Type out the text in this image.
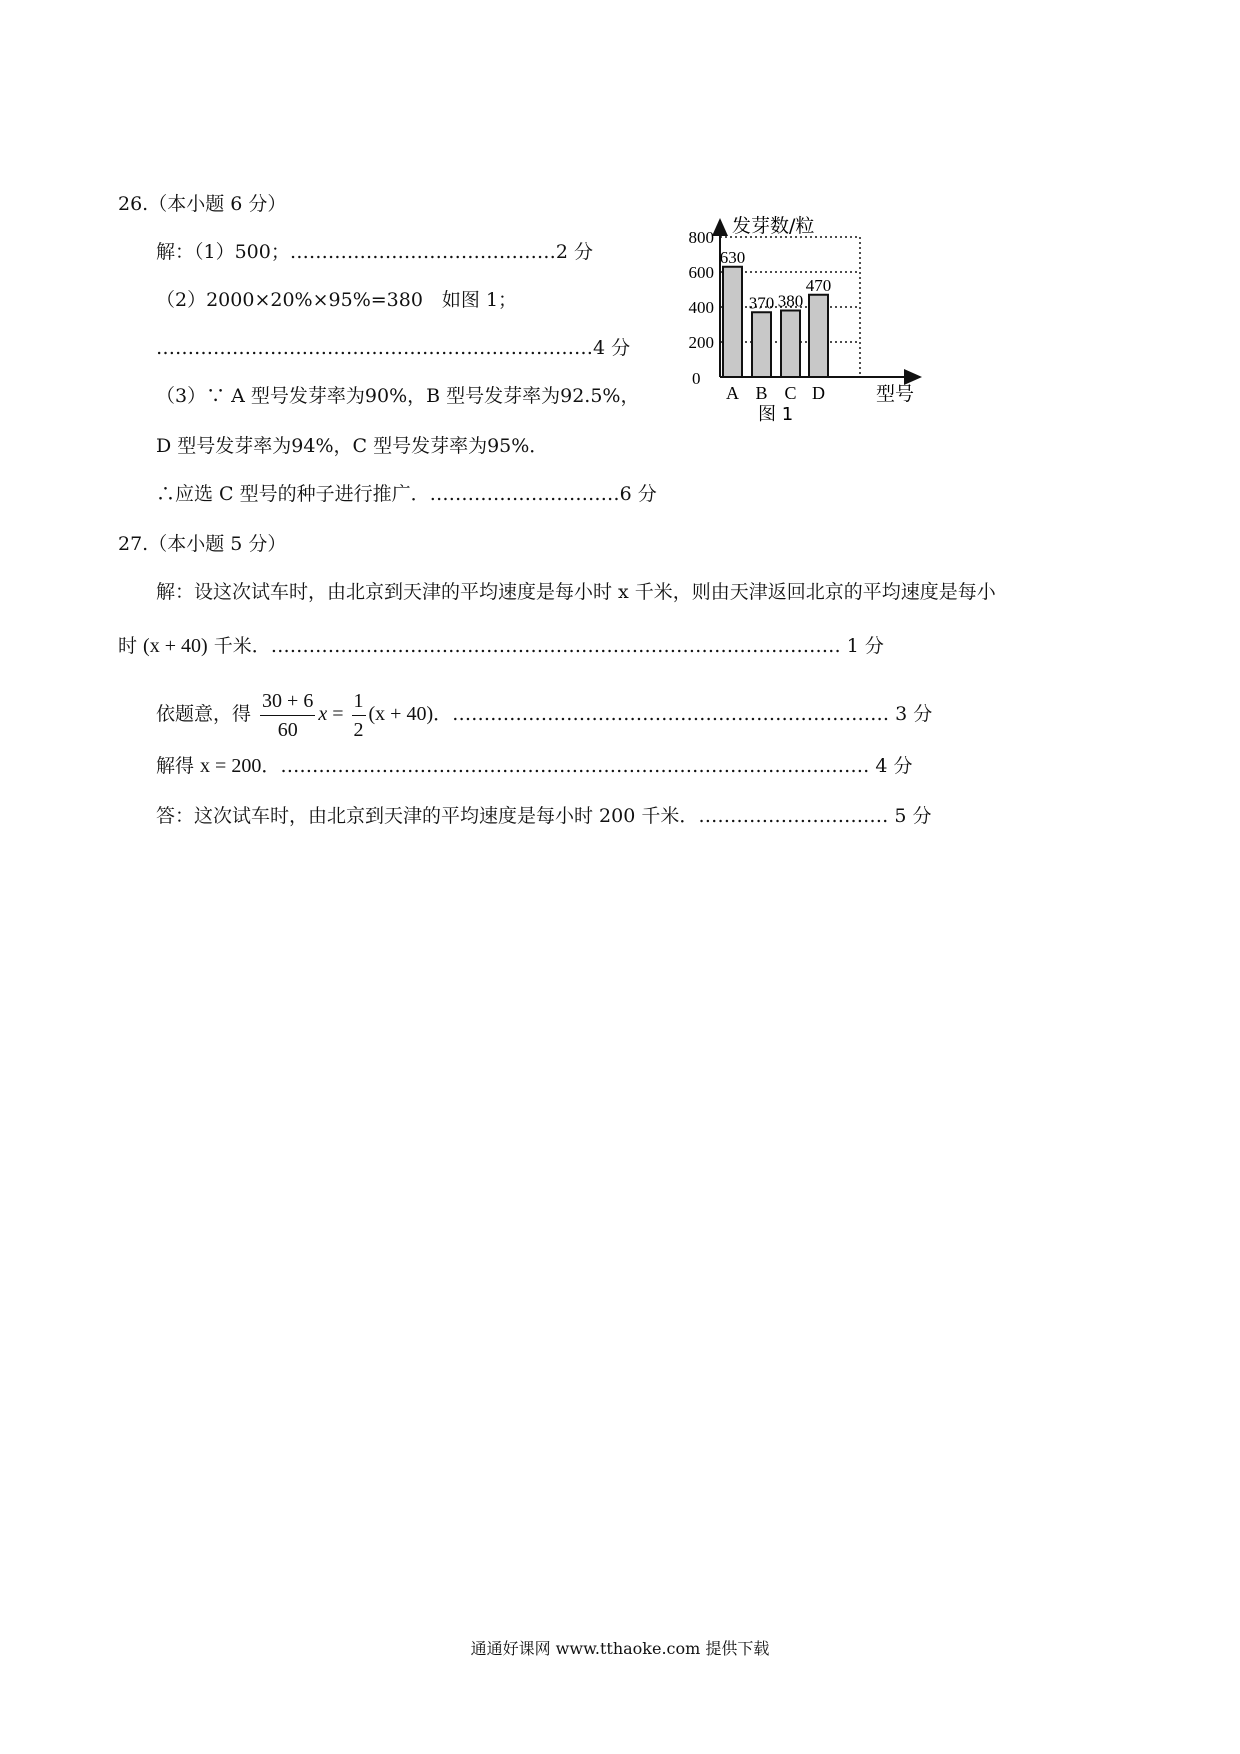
26.（本小题 6 分）
解：（1）500；……………………………………2 分
（2）2000×20%×95%=380　如图 1；
……………………………………………………………4 分
（3）∵ A 型号发芽率为90%，B 型号发芽率为92.5%，
D 型号发芽率为94%，C 型号发芽率为95%．
∴应选 C 型号的种子进行推广．…………………………6 分
发芽数/粒
型号
图 1
0
800
600
400
200
630
A
370
B
380
C
470
D
27.（本小题 5 分）
解：设这次试车时，由北京到天津的平均速度是每小时 x 千米，则由天津返回北京的平均速度是每小
时 (x + 40) 千米．……………………………………………………………………………… 1 分
依题意，得 $\frac{30 + 6}{60}$ $x = \frac{1}{2} (x + 40)$．…………………………………………………………… 3 分
解得 x = 200．………………………………………………………………………………… 4 分
答：这次试车时，由北京到天津的平均速度是每小时 200 千米．………………………… 5 分
通通好课网 www.tthaoke.com 提供下载
